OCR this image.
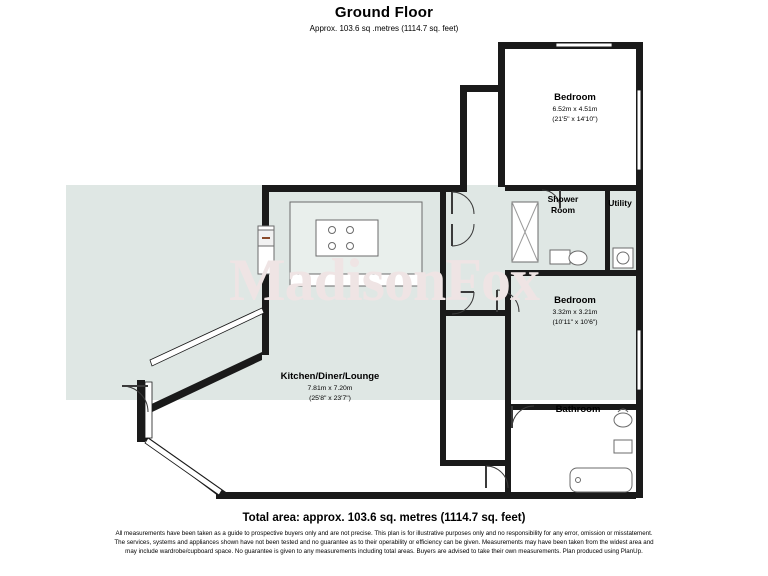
Ground Floor
Approx. 103.6 sq .metres (1114.7 sq. feet)
MadisonFox
Bedroom
6.52m x 4.51m
(21'5" x 14'10")
Shower
Room
Utility
Bedroom
3.32m x 3.21m
(10'11" x 10'6")
Bathroom
Kitchen/Diner/Lounge
7.81m x 7.20m
(25'8" x 23'7")
Total area: approx. 103.6 sq. metres (1114.7 sq. feet)
All measurements have been taken as a guide to prospective buyers only and are not precise. This plan is for illustrative purposes only and no responsibility for any error, omission or misstatement. The services, systems and appliances shown have not been tested and no guarantee as to their operability or efficiency can be given. Measurements may have been taken from the widest area and may include wardrobe/cupboard space. No guarantee is given to any measurements including total areas. Buyers are advised to take their own measurements. Plan produced using PlanUp.
